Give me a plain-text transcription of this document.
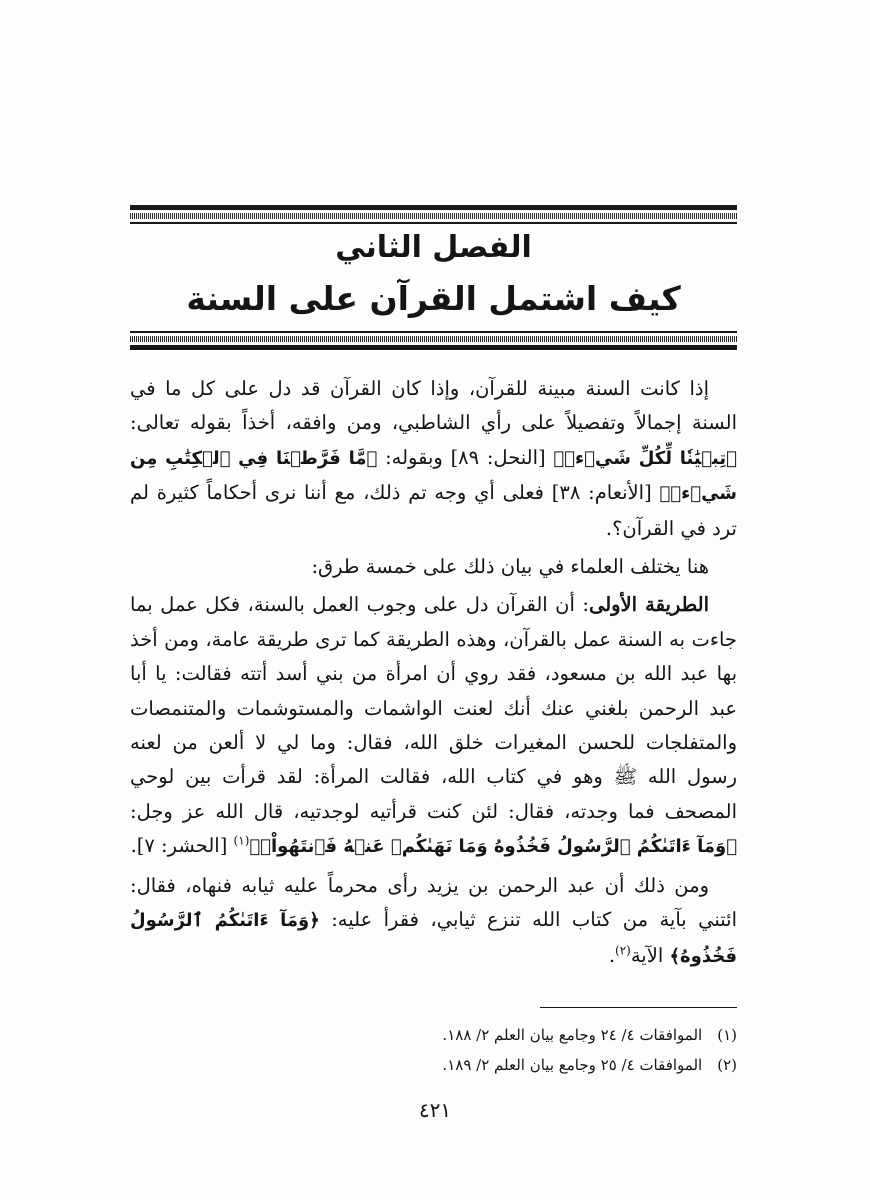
الفصل الثاني
كيف اشتمل القرآن على السنة

إذا كانت السنة مبينة للقرآن، وإذا كان القرآن قد دل على كل ما في السنة إجمالاً وتفصيلاً على رأي الشاطبي، ومن وافقه، أخذاً بقوله تعالى: ﴿تِبۡيَٰنٗا لِّكُلِّ شَيۡءٖ﴾ [النحل: ٨٩] وبقوله: ﴿مَّا فَرَّطۡنَا فِي ٱلۡكِتَٰبِ مِن شَيۡءٖ﴾ [الأنعام: ٣٨] فعلى أي وجه تم ذلك، مع أننا نرى أحكاماً كثيرة لم ترد في القرآن؟.

هنا يختلف العلماء في بيان ذلك على خمسة طرق:

الطريقة الأولى: أن القرآن دل على وجوب العمل بالسنة، فكل عمل بما جاءت به السنة عمل بالقرآن، وهذه الطريقة كما ترى طريقة عامة، ومن أخذ بها عبد الله بن مسعود، فقد روي أن امرأة من بني أسد أتته فقالت: يا أبا عبد الرحمن بلغني عنك أنك لعنت الواشمات والمستوشمات والمتنمصات والمتفلجات للحسن المغيرات خلق الله، فقال: وما لي لا ألعن من لعنه رسول الله ﷺ وهو في كتاب الله، فقالت المرأة: لقد قرأت بين لوحي المصحف فما وجدته، فقال: لئن كنت قرأتيه لوجدتيه، قال الله عز وجل: ﴿وَمَآ ءَاتَىٰكُمُ ٱلرَّسُولُ فَخُذُوهُ وَمَا نَهَىٰكُمۡ عَنۡهُ فَٱنتَهُواْۚ﴾$^{(١)}$ [الحشر: ٧].

ومن ذلك أن عبد الرحمن بن يزيد رأى محرماً عليه ثيابه فنهاه، فقال: ائتني بآية من كتاب الله تنزع ثيابي، فقرأ عليه: ﴿وَمَآ ءَاتَىٰكُمُ ٱلرَّسُولُ فَخُذُوهُ﴾ الآية$^{(٢)}$.

(١) الموافقات ٤/ ٢٤ وجامع بيان العلم ٢/ ١٨٨.
(٢) الموافقات ٤/ ٢٥ وجامع بيان العلم ٢/ ١٨٩.
٤٢١
